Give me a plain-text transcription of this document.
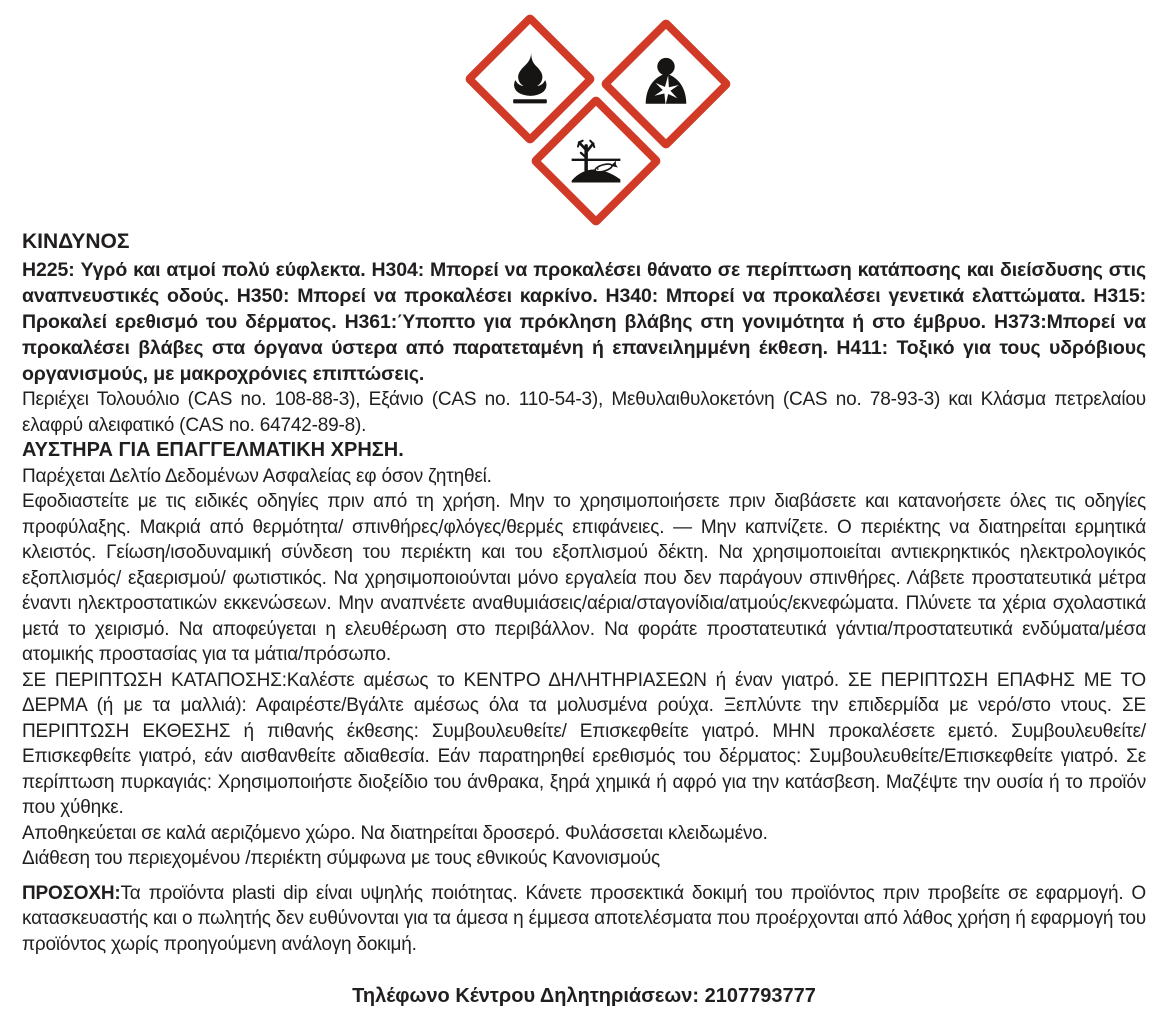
ΚΙΝΔΥΝΟΣ

H225: Υγρό και ατμοί πολύ εύφλεκτα. H304: Μπορεί να προκαλέσει θάνατο σε περίπτωση κατάποσης και διείσδυσης στις αναπνευστικές οδούς. H350: Μπορεί να προκαλέσει καρκίνο. H340: Μπορεί να προκαλέσει γενετικά ελαττώματα. H315: Προκαλεί ερεθισμό του δέρματος. H361:Ύποπτο για πρόκληση βλάβης στη γονιμότητα ή στο έμβρυο. H373:Μπορεί να προκαλέσει βλάβες στα όργανα ύστερα από παρατεταμένη ή επανειλημμένη έκθεση. H411: Τοξικό για τους υδρόβιους οργανισμούς, με μακροχρόνιες επιπτώσεις.

Περιέχει Τολουόλιο (CAS no. 108-88-3), Εξάνιο (CAS no. 110-54-3), Μεθυλαιθυλοκετόνη (CAS no. 78-93-3) και Κλάσμα πετρελαίου ελαφρύ αλειφατικό (CAS no. 64742-89-8).

ΑΥΣΤΗΡΑ ΓΙΑ ΕΠΑΓΓΕΛΜΑΤΙΚΗ ΧΡΗΣΗ.

Παρέχεται Δελτίο Δεδομένων Ασφαλείας εφ όσον ζητηθεί.

Εφοδιαστείτε με τις ειδικές οδηγίες πριν από τη χρήση. Μην το χρησιμοποιήσετε πριν διαβάσετε και κατανοήσετε όλες τις οδηγίες προφύλαξης. Μακριά από θερμότητα/ σπινθήρες/φλόγες/θερμές επιφάνειες. — Μην καπνίζετε. Ο περιέκτης να διατηρείται ερμητικά κλειστός. Γείωση/ισοδυναμική σύνδεση του περιέκτη και του εξοπλισμού δέκτη. Να χρησιμοποιείται αντιεκρηκτικός ηλεκτρολογικός εξοπλισμός/ εξαερισμού/ φωτιστικός. Να χρησιμοποιούνται μόνο εργαλεία που δεν παράγουν σπινθήρες. Λάβετε προστατευτικά μέτρα έναντι ηλεκτροστατικών εκκενώσεων. Μην αναπνέετε αναθυμιάσεις/αέρια/σταγονίδια/ατμούς/εκνεφώματα. Πλύνετε τα χέρια σχολαστικά μετά το χειρισμό. Να αποφεύγεται η ελευθέρωση στο περιβάλλον. Να φοράτε προστατευτικά γάντια/προστατευτικά ενδύματα/μέσα ατομικής προστασίας για τα μάτια/πρόσωπο.

ΣΕ ΠΕΡΙΠΤΩΣΗ ΚΑΤΑΠΟΣΗΣ:Καλέστε αμέσως το ΚΕΝΤΡΟ ΔΗΛΗΤΗΡΙΑΣΕΩΝ ή έναν γιατρό. ΣΕ ΠΕΡΙΠΤΩΣΗ ΕΠΑΦΗΣ ΜΕ ΤΟ ΔΕΡΜΑ (ή με τα μαλλιά): Αφαιρέστε/Βγάλτε αμέσως όλα τα μολυσμένα ρούχα. Ξεπλύντε την επιδερμίδα με νερό/στο ντους. ΣΕ ΠΕΡΙΠΤΩΣΗ ΕΚΘΕΣΗΣ ή πιθανής έκθεσης: Συμβουλευθείτε/ Επισκεφθείτε γιατρό. ΜΗΝ προκαλέσετε εμετό. Συμβουλευθείτε/Επισκεφθείτε γιατρό, εάν αισθανθείτε αδιαθεσία. Εάν παρατηρηθεί ερεθισμός του δέρματος: Συμβουλευθείτε/Επισκεφθείτε γιατρό. Σε περίπτωση πυρκαγιάς: Χρησιμοποιήστε διοξείδιο του άνθρακα, ξηρά χημικά ή αφρό για την κατάσβεση. Μαζέψτε την ουσία ή το προϊόν που χύθηκε.

Αποθηκεύεται σε καλά αεριζόμενο χώρο. Να διατηρείται δροσερό. Φυλάσσεται κλειδωμένο.

Διάθεση του περιεχομένου /περιέκτη σύμφωνα με τους εθνικούς Κανονισμούς

ΠΡΟΣΟΧΗ:Τα προϊόντα plasti dip είναι υψηλής ποιότητας. Κάνετε προσεκτικά δοκιμή του προϊόντος πριν προβείτε σε εφαρμογή. Ο κατασκευαστής και ο πωλητής δεν ευθύνονται για τα άμεσα η έμμεσα αποτελέσματα που προέρχονται από λάθος χρήση ή εφαρμογή του προϊόντος χωρίς προηγούμενη ανάλογη δοκιμή.

Τηλέφωνο Κέντρου Δηλητηριάσεων: 2107793777
